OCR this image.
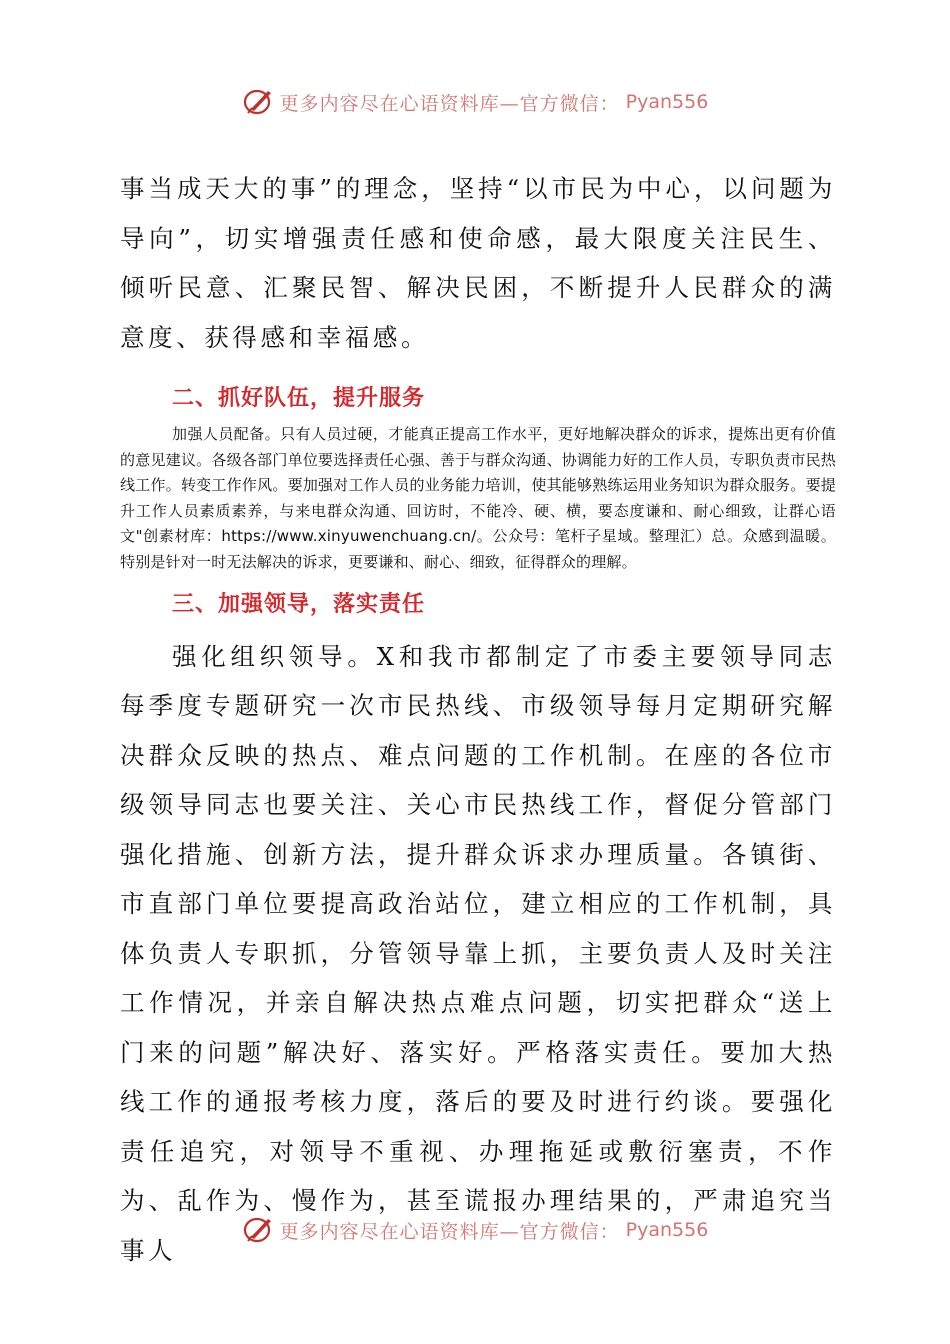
更多内容尽在心语资料库—官方微信： Pyan556

事当成天大的事”的理念，坚持“以市民为中心，以问题为导向”，切实增强责任感和使命感，最大限度关注民生、倾听民意、汇聚民智、解决民困，不断提升人民群众的满意度、获得感和幸福感。

二、抓好队伍，提升服务

加强人员配备。只有人员过硬，才能真正提高工作水平，更好地解决群众的诉求，提炼出更有价值的意见建议。各级各部门单位要选择责任心强、善于与群众沟通、协调能力好的工作人员，专职负责市民热线工作。转变工作作风。要加强对工作人员的业务能力培训，使其能够熟练运用业务知识为群众服务。要提升工作人员素质素养，与来电群众沟通、回访时，不能冷、硬、横，要态度谦和、耐心细致，让群心语文"创素材库：https://www.xinyuwenchuang.cn/。公众号：笔杆子星域。整理汇）总。众感到温暖。特别是针对一时无法解决的诉求，更要谦和、耐心、细致，征得群众的理解。

三、加强领导，落实责任

强化组织领导。X和我市都制定了市委主要领导同志每季度专题研究一次市民热线、市级领导每月定期研究解决群众反映的热点、难点问题的工作机制。在座的各位市级领导同志也要关注、关心市民热线工作，督促分管部门强化措施、创新方法，提升群众诉求办理质量。各镇街、市直部门单位要提高政治站位，建立相应的工作机制，具体负责人专职抓，分管领导靠上抓，主要负责人及时关注工作情况，并亲自解决热点难点问题，切实把群众“送上门来的问题”解决好、落实好。严格落实责任。要加大热线工作的通报考核力度，落后的要及时进行约谈。要强化责任追究，对领导不重视、办理拖延或敷衍塞责，不作为、乱作为、慢作为，甚至谎报办理结果的，严肃追究当事人

更多内容尽在心语资料库—官方微信： Pyan556
